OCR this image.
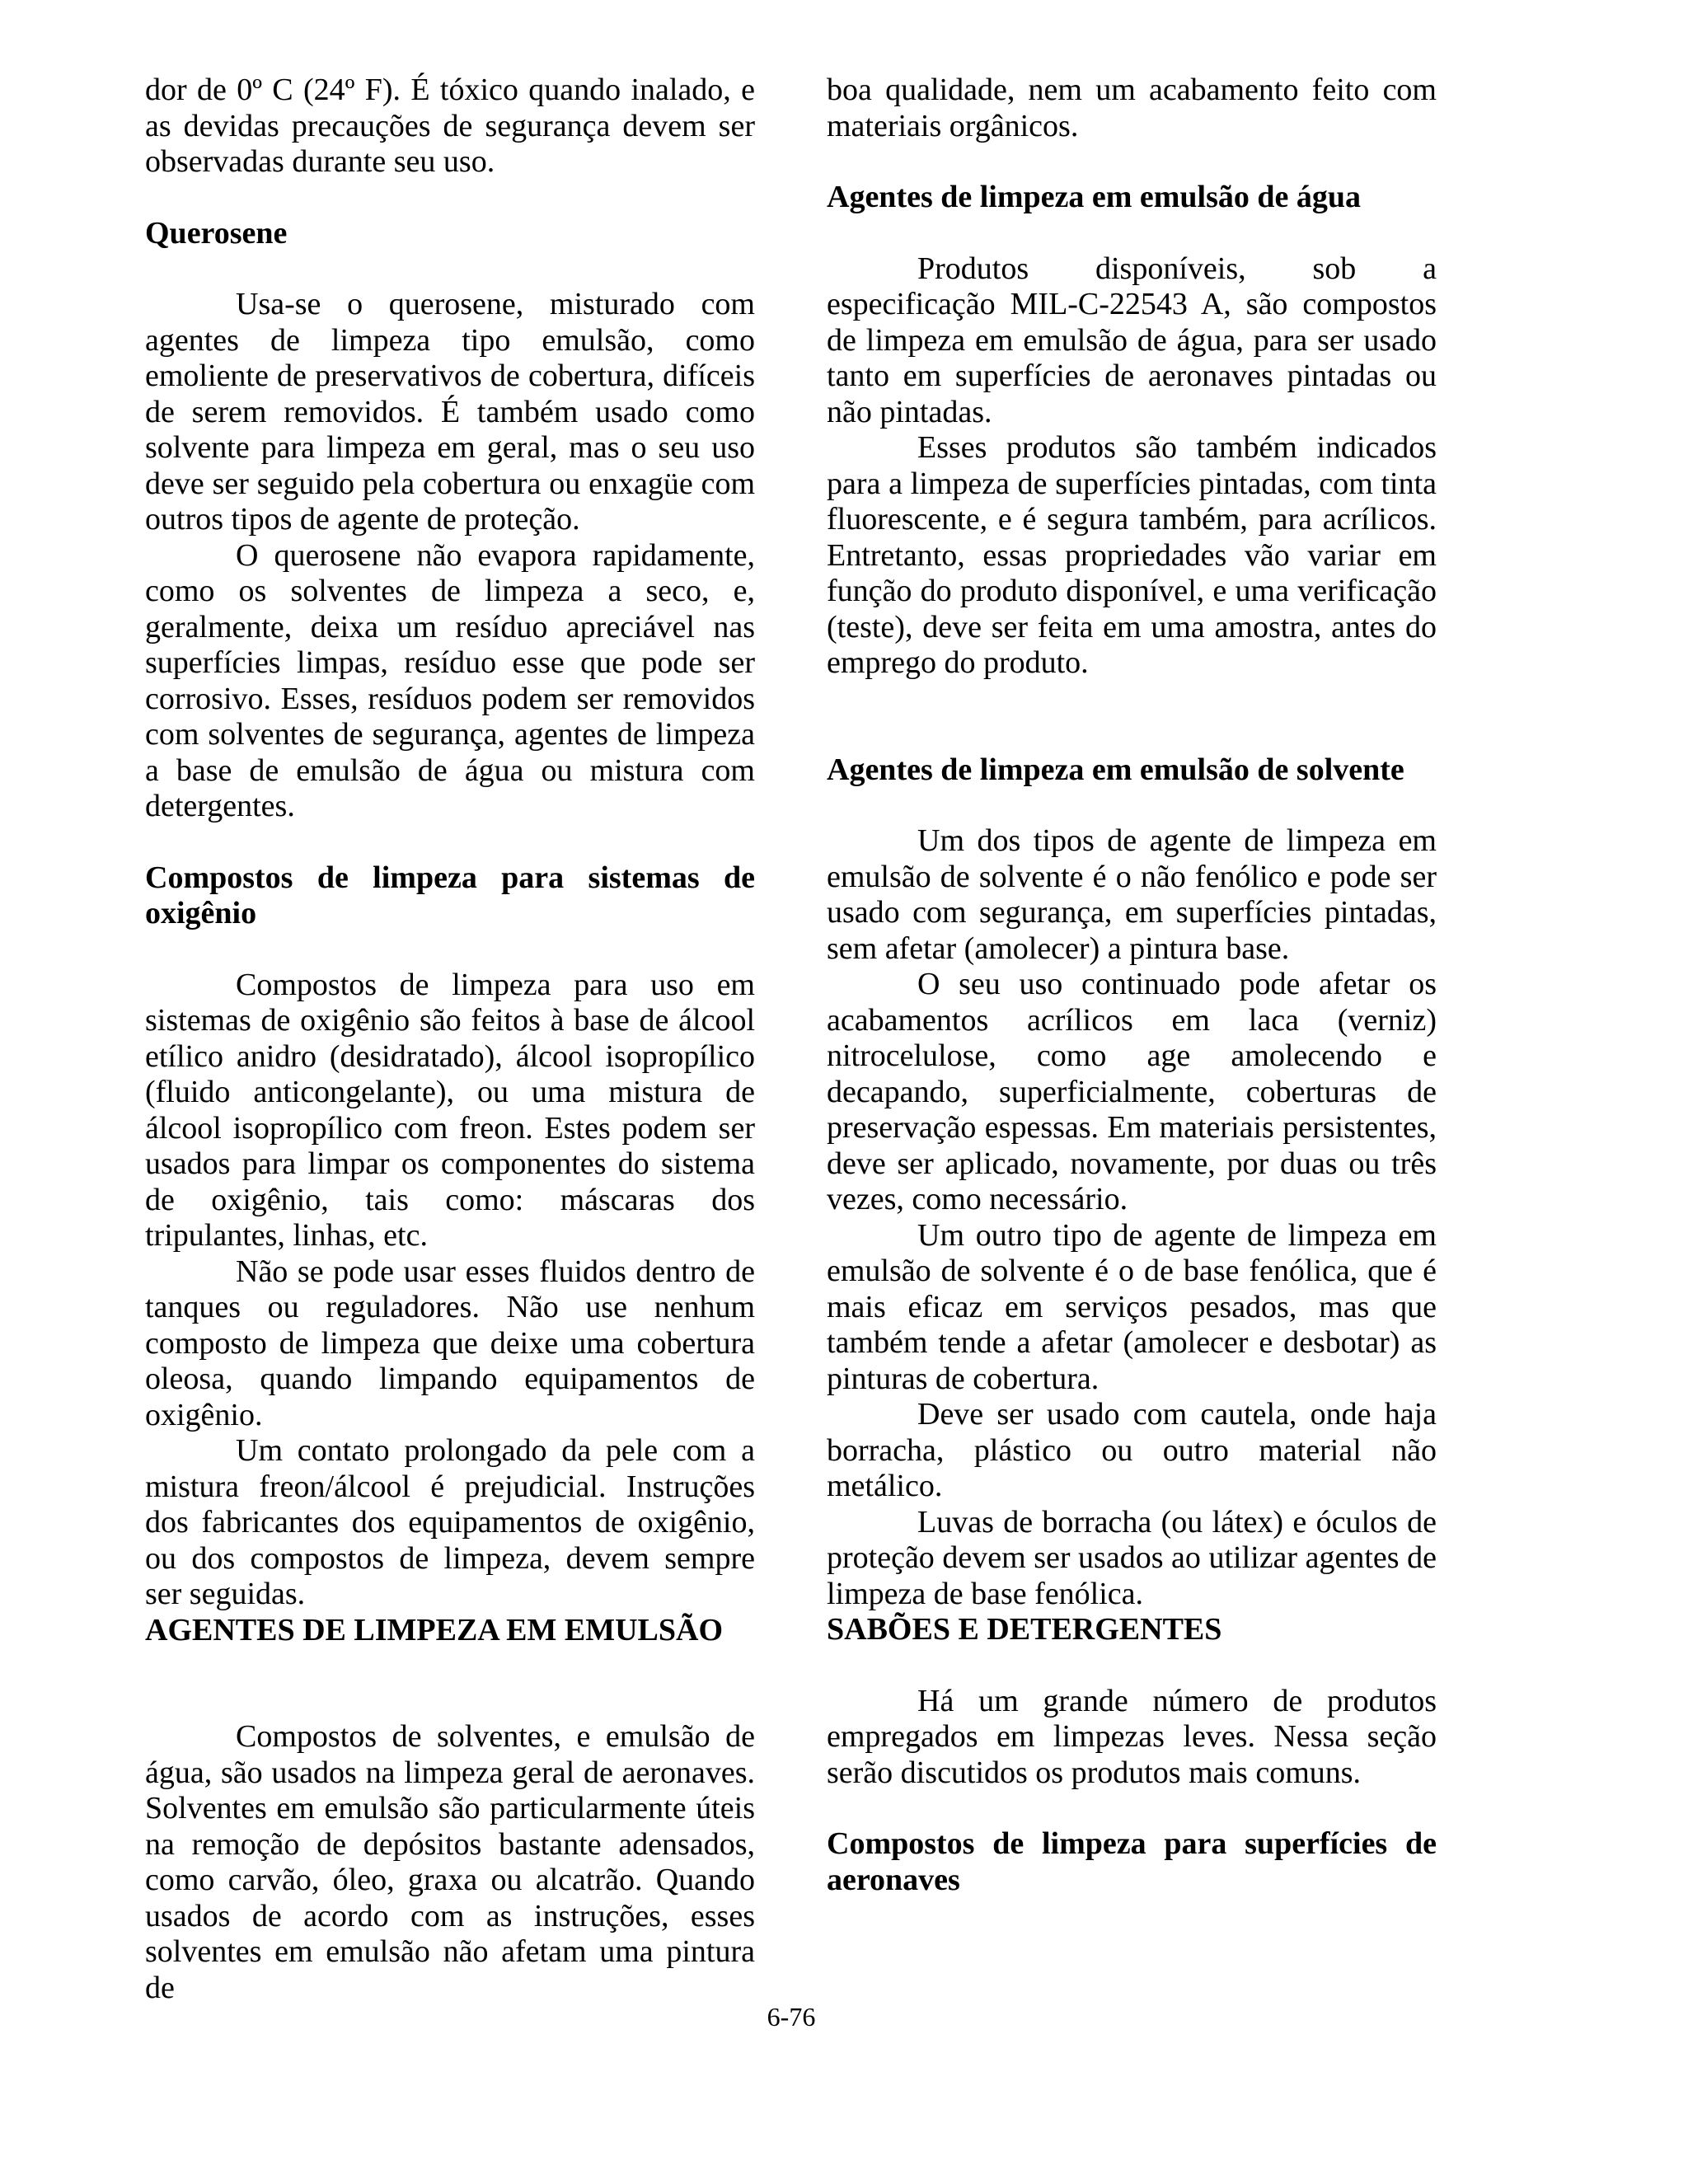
dor de 0º C (24º F). É tóxico quando inalado, e as devidas precauções de segurança devem ser observadas durante seu uso.

Querosene

Usa-se o querosene, misturado com agentes de limpeza tipo emulsão, como emoliente de preservativos de cobertura, difíceis de serem removidos. É também usado como solvente para limpeza em geral, mas o seu uso deve ser seguido pela cobertura ou enxagüe com outros tipos de agente de proteção.

O querosene não evapora rapidamente, como os solventes de limpeza a seco, e, geralmente, deixa um resíduo apreciável nas superfícies limpas, resíduo esse que pode ser corrosivo. Esses, resíduos podem ser removidos com solventes de segurança, agentes de limpeza a base de emulsão de água ou mistura com detergentes.

Compostos de limpeza para sistemas de oxigênio

Compostos de limpeza para uso em sistemas de oxigênio são feitos à base de álcool etílico anidro (desidratado), álcool isopropílico (fluido anticongelante), ou uma mistura de álcool isopropílico com freon. Estes podem ser usados para limpar os componentes do sistema de oxigênio, tais como: máscaras dos tripulantes, linhas, etc.

Não se pode usar esses fluidos dentro de tanques ou reguladores. Não use nenhum composto de limpeza que deixe uma cobertura oleosa, quando limpando equipamentos de oxigênio.

Um contato prolongado da pele com a mistura freon/álcool é prejudicial. Instruções dos fabricantes dos equipamentos de oxigênio, ou dos compostos de limpeza, devem sempre ser seguidas.

AGENTES DE LIMPEZA EM EMULSÃO

Compostos de solventes, e emulsão de água, são usados na limpeza geral de aeronaves. Solventes em emulsão são particularmente úteis na remoção de depósitos bastante adensados, como carvão, óleo, graxa ou alcatrão. Quando usados de acordo com as instruções, esses solventes em emulsão não afetam uma pintura de

boa qualidade, nem um acabamento feito com materiais orgânicos.

Agentes de limpeza em emulsão de água

Produtos disponíveis, sob a especificação MIL-C-22543 A, são compostos de limpeza em emulsão de água, para ser usado tanto em superfícies de aeronaves pintadas ou não pintadas.

Esses produtos são também indicados para a limpeza de superfícies pintadas, com tinta fluorescente, e é segura também, para acrílicos. Entretanto, essas propriedades vão variar em função do produto disponível, e uma verificação (teste), deve ser feita em uma amostra, antes do emprego do produto.

Agentes de limpeza em emulsão de solvente

Um dos tipos de agente de limpeza em emulsão de solvente é o não fenólico e pode ser usado com segurança, em superfícies pintadas, sem afetar (amolecer) a pintura base.

O seu uso continuado pode afetar os acabamentos acrílicos em laca (verniz) nitrocelulose, como age amolecendo e decapando, superficialmente, coberturas de preservação espessas. Em materiais persistentes, deve ser aplicado, novamente, por duas ou três vezes, como necessário.

Um outro tipo de agente de limpeza em emulsão de solvente é o de base fenólica, que é mais eficaz em serviços pesados, mas que também tende a afetar (amolecer e desbotar) as pinturas de cobertura.

Deve ser usado com cautela, onde haja borracha, plástico ou outro material não metálico.

Luvas de borracha (ou látex) e óculos de proteção devem ser usados ao utilizar agentes de limpeza de base fenólica.

SABÕES E DETERGENTES

Há um grande número de produtos empregados em limpezas leves. Nessa seção serão discutidos os produtos mais comuns.

Compostos de limpeza para superfícies de aeronaves
6-76
